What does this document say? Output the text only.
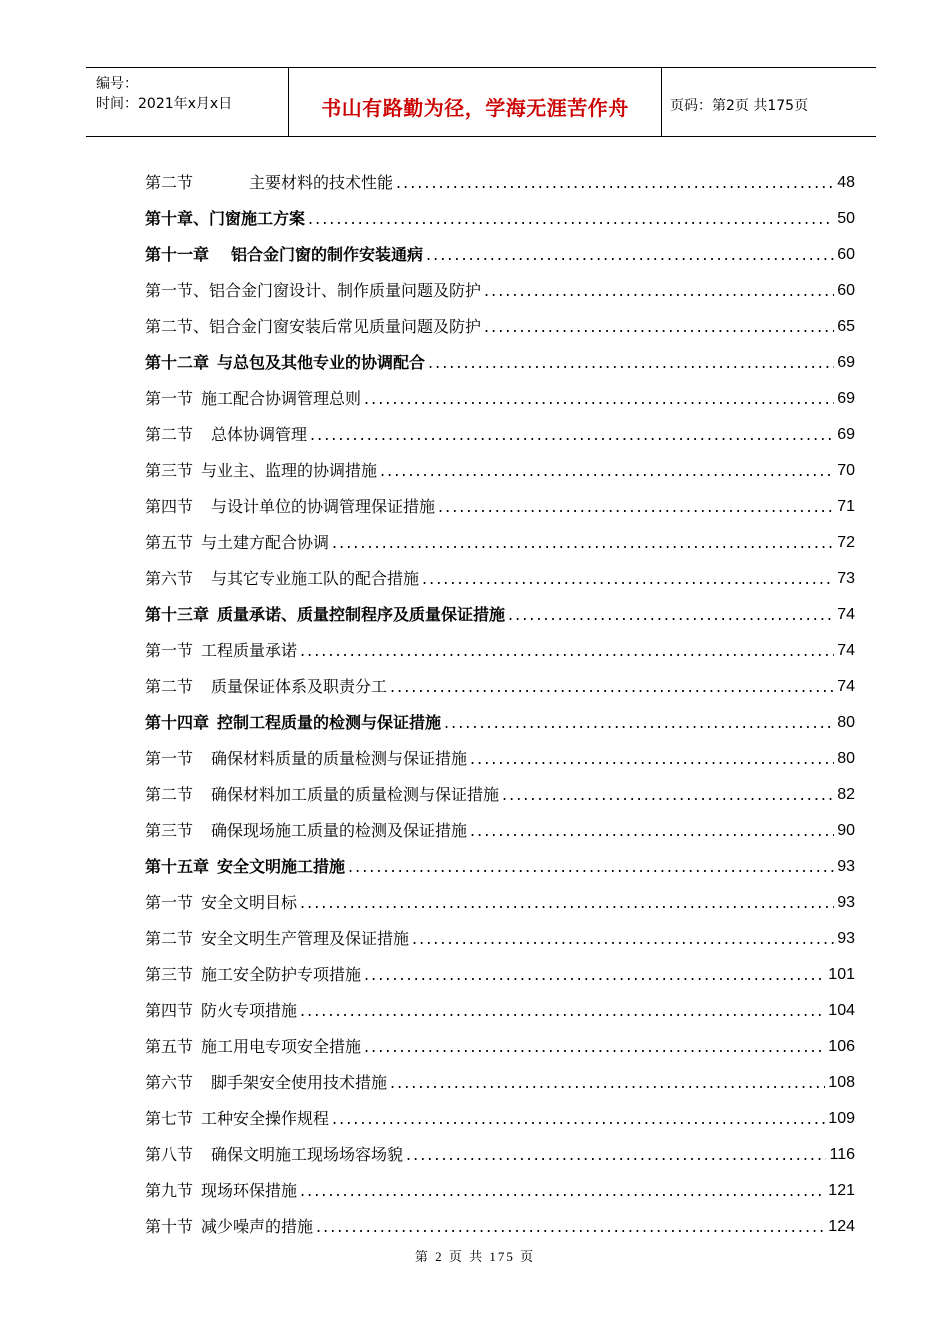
编号：
时间：2021年x月x日	书山有路勤为径，学海无涯苦作舟	页码：第2页 共175页
第二节	主要材料的技术性能 .....	48
第十章、门窗施工方案 .....	50
第十一章 铝合金门窗的制作安装通病 .....	60
第一节、铝合金门窗设计、制作质量问题及防护 .....	60
第二节、铝合金门窗安装后常见质量问题及防护 .....	65
第十二章 与总包及其他专业的协调配合 .....	69
第一节 施工配合协调管理总则 .....	69
第二节 总体协调管理 .....	69
第三节 与业主、监理的协调措施 .....	70
第四节 与设计单位的协调管理保证措施 .....	71
第五节 与土建方配合协调 .....	72
第六节 与其它专业施工队的配合措施 .....	73
第十三章 质量承诺、质量控制程序及质量保证措施 .....	74
第一节 工程质量承诺 .....	74
第二节 质量保证体系及职责分工 .....	74
第十四章 控制工程质量的检测与保证措施 .....	80
第一节 确保材料质量的质量检测与保证措施 .....	80
第二节 确保材料加工质量的质量检测与保证措施 .....	82
第三节 确保现场施工质量的检测及保证措施 .....	90
第十五章 安全文明施工措施 .....	93
第一节 安全文明目标 .....	93
第二节 安全文明生产管理及保证措施 .....	93
第三节 施工安全防护专项措施 .....	101
第四节 防火专项措施 .....	104
第五节 施工用电专项安全措施 .....	106
第六节 脚手架安全使用技术措施 .....	108
第七节 工种安全操作规程 .....	109
第八节 确保文明施工现场场容场貌 .....	116
第九节 现场环保措施 .....	121
第十节 减少噪声的措施 .....	124
第 2 页 共 175 页
